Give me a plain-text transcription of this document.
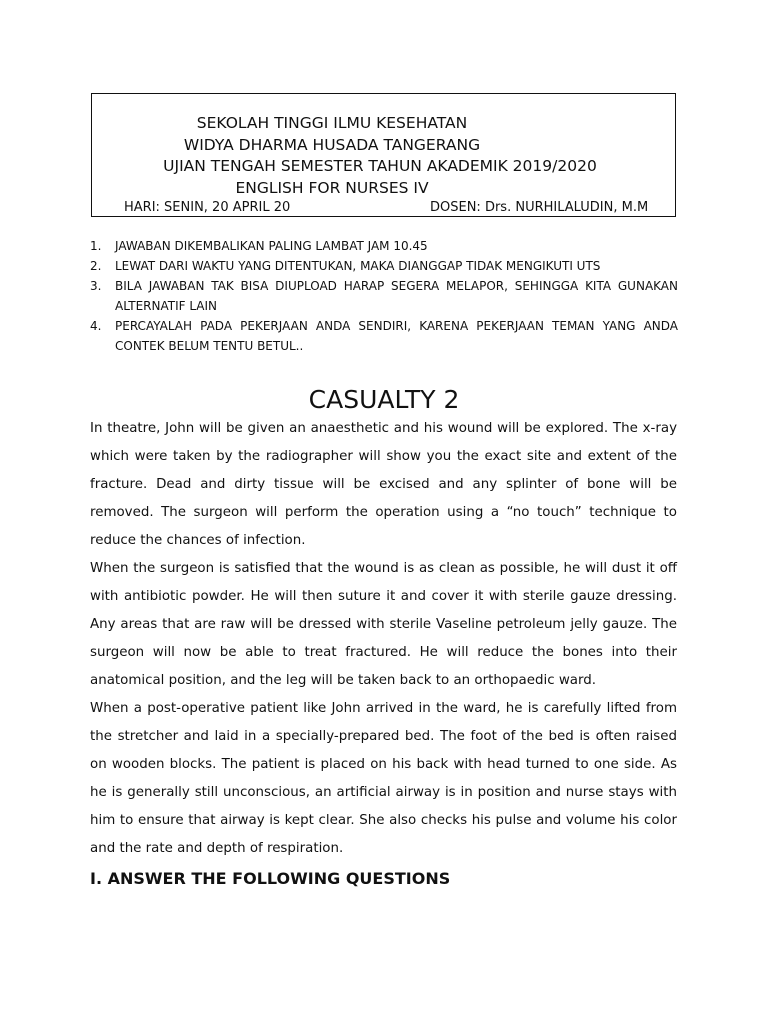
SEKOLAH TINGGI ILMU KESEHATAN
WIDYA DHARMA HUSADA TANGERANG
UJIAN TENGAH SEMESTER TAHUN AKADEMIK 2019/2020
ENGLISH FOR NURSES IV
HARI: SENIN, 20 APRIL 20	DOSEN: Drs. NURHILALUDIN, M.M
1. JAWABAN DIKEMBALIKAN PALING LAMBAT JAM 10.45
2. LEWAT DARI WAKTU YANG DITENTUKAN, MAKA DIANGGAP TIDAK MENGIKUTI UTS
3. BILA JAWABAN TAK BISA DIUPLOAD HARAP SEGERA MELAPOR, SEHINGGA KITA GUNAKAN ALTERNATIF LAIN
4. PERCAYALAH PADA PEKERJAAN ANDA SENDIRI, KARENA PEKERJAAN TEMAN YANG ANDA CONTEK BELUM TENTU BETUL..
CASUALTY 2

In theatre, John will be given an anaesthetic and his wound will be explored. The x-ray which were taken by the radiographer will show you the exact site and extent of the fracture. Dead and dirty tissue will be excised and any splinter of bone will be removed. The surgeon will perform the operation using a “no touch” technique to reduce the chances of infection.

When the surgeon is satisfied that the wound is as clean as possible, he will dust it off with antibiotic powder. He will then suture it and cover it with sterile gauze dressing. Any areas that are raw will be dressed with sterile Vaseline petroleum jelly gauze. The surgeon will now be able to treat fractured. He will reduce the bones into their anatomical position, and the leg will be taken back to an orthopaedic ward.

When a post-operative patient like John arrived in the ward, he is carefully lifted from the stretcher and laid in a specially-prepared bed. The foot of the bed is often raised on wooden blocks. The patient is placed on his back with head turned to one side. As he is generally still unconscious, an artificial airway is in position and nurse stays with him to ensure that airway is kept clear. She also checks his pulse and volume his color and the rate and depth of respiration.

I. ANSWER THE FOLLOWING QUESTIONS
